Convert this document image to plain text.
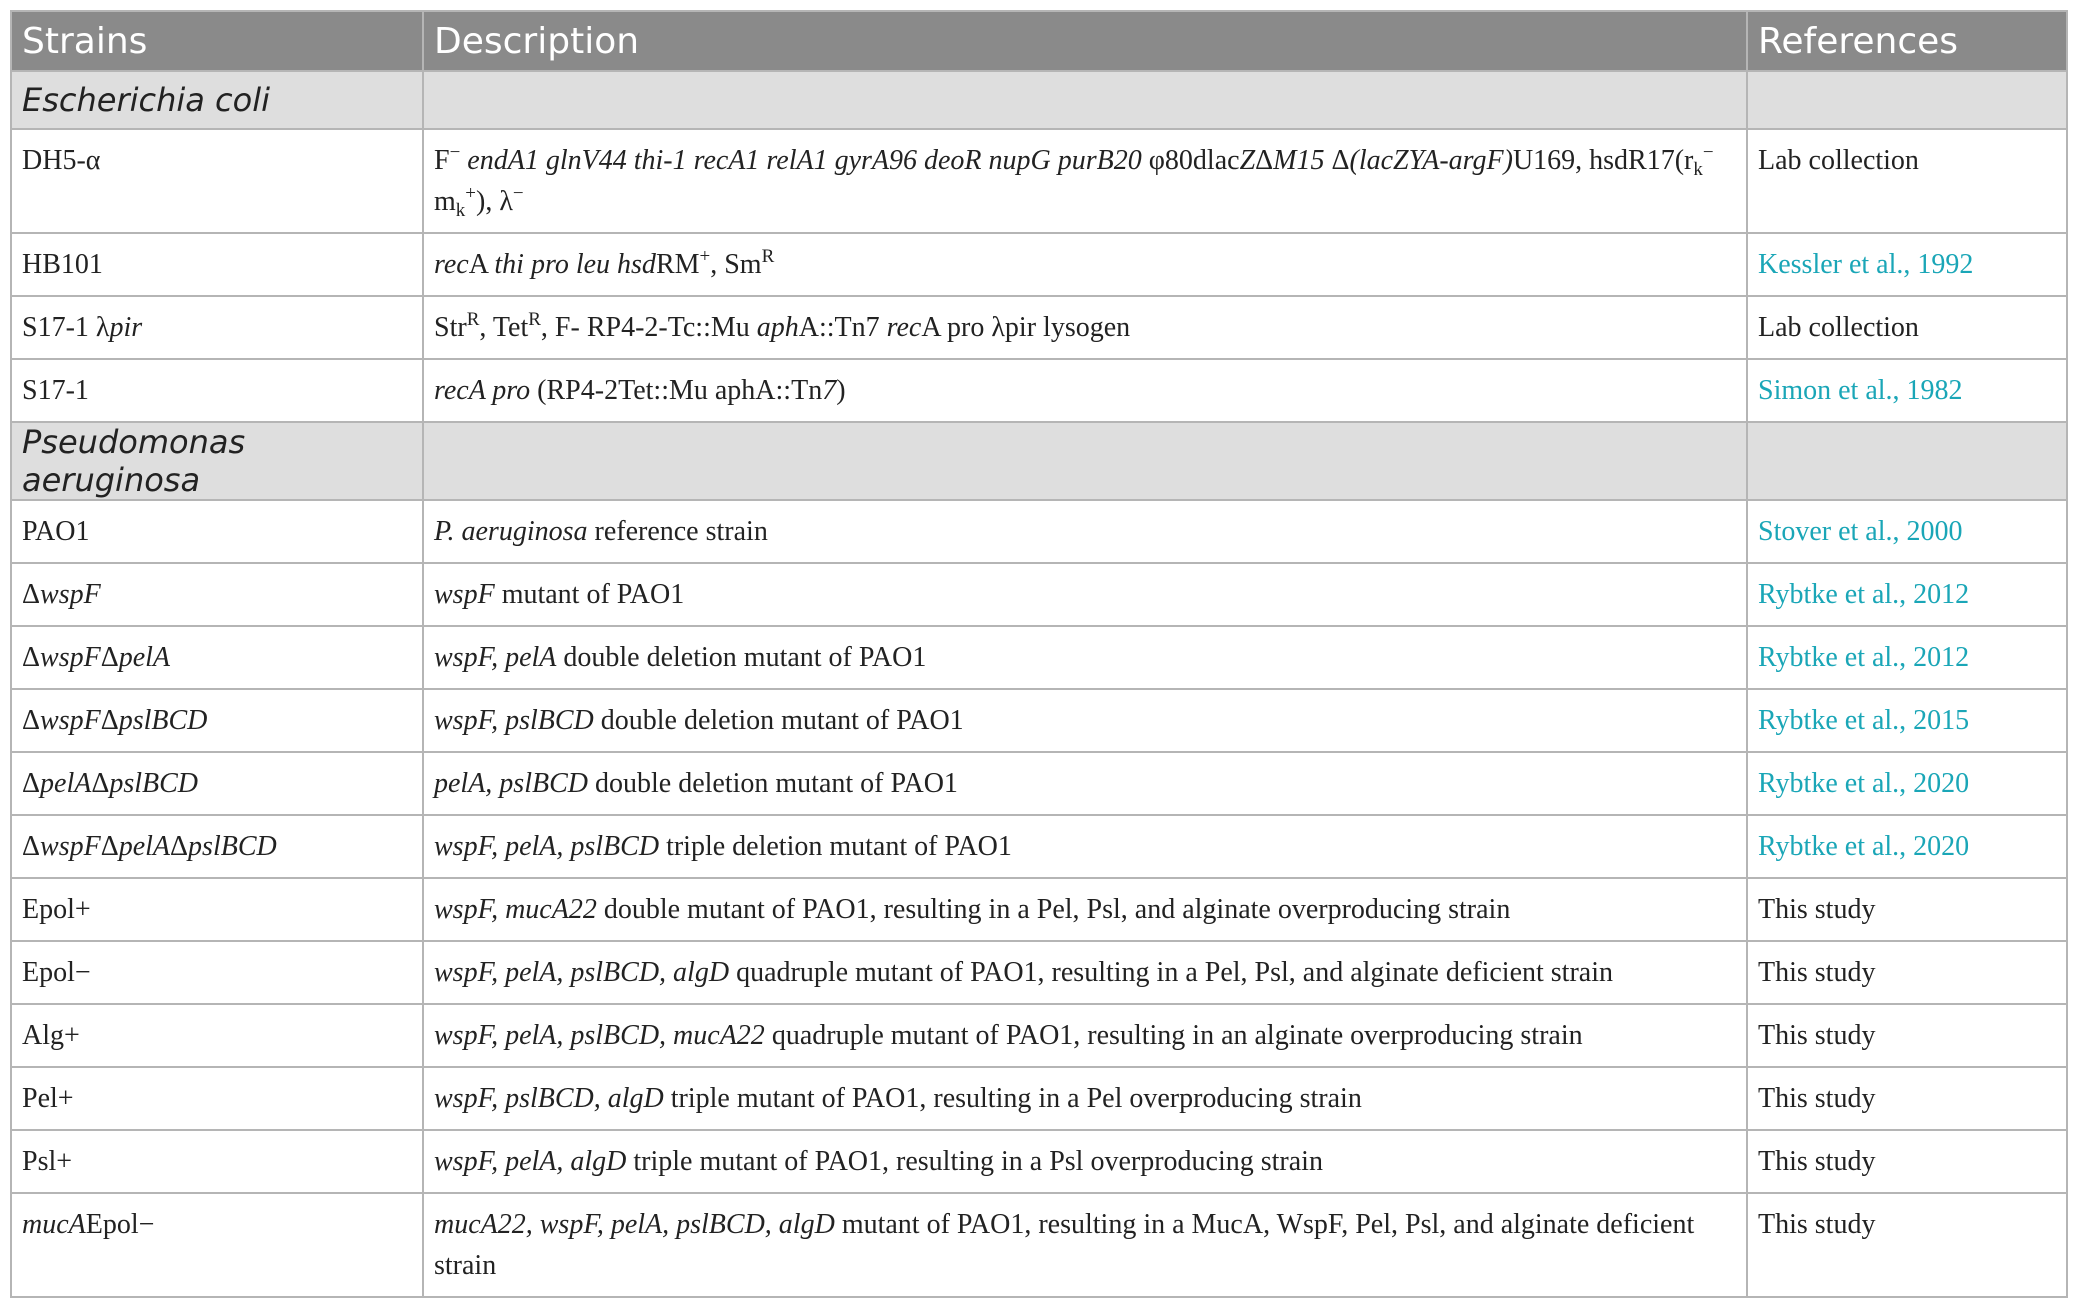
Strains	Description	References
Escherichia coli		
DH5-α	F− endA1 glnV44 thi-1 recA1 relA1 gyrA96 deoR nupG purB20 φ80dlacZΔM15 Δ(lacZYA-argF)U169, $hsdR17(r_k^-$ $m_k^+$), λ−	Lab collection
HB101	recA thi pro leu hsdRM+, $Sm^R$	Kessler et al., 1992
S17-1 λpir	Str$^R$, Tet$^R$, F- RP4-2-Tc::Mu aphA::Tn7 recA pro λpir lysogen	Lab collection
S17-1	recA pro (RP4-2Tet::Mu aphA::Tn7)	Simon et al., 1982
Pseudomonas aeruginosa		
PAO1	P. aeruginosa reference strain	Stover et al., 2000
ΔwspF	wspF mutant of PAO1	Rybtke et al., 2012
ΔwspFΔpelA	wspF, pelA double deletion mutant of PAO1	Rybtke et al., 2012
ΔwspFΔpslBCD	wspF, pslBCD double deletion mutant of PAO1	Rybtke et al., 2015
ΔpelAΔpslBCD	pelA, pslBCD double deletion mutant of PAO1	Rybtke et al., 2020
ΔwspFΔpelAΔpslBCD	wspF, pelA, pslBCD triple deletion mutant of PAO1	Rybtke et al., 2020
Epol+	wspF, mucA22 double mutant of PAO1, resulting in a Pel, Psl, and alginate overproducing strain	This study
Epol−	wspF, pelA, pslBCD, algD quadruple mutant of PAO1, resulting in a Pel, Psl, and alginate deficient strain	This study
Alg+	wspF, pelA, pslBCD, mucA22 quadruple mutant of PAO1, resulting in an alginate overproducing strain	This study
Pel+	wspF, pslBCD, algD triple mutant of PAO1, resulting in a Pel overproducing strain	This study
Psl+	wspF, pelA, algD triple mutant of PAO1, resulting in a Psl overproducing strain	This study
mucAEpol−	mucA22, wspF, pelA, pslBCD, algD mutant of PAO1, resulting in a MucA, WspF, Pel, Psl, and alginate deficient strain	This study
